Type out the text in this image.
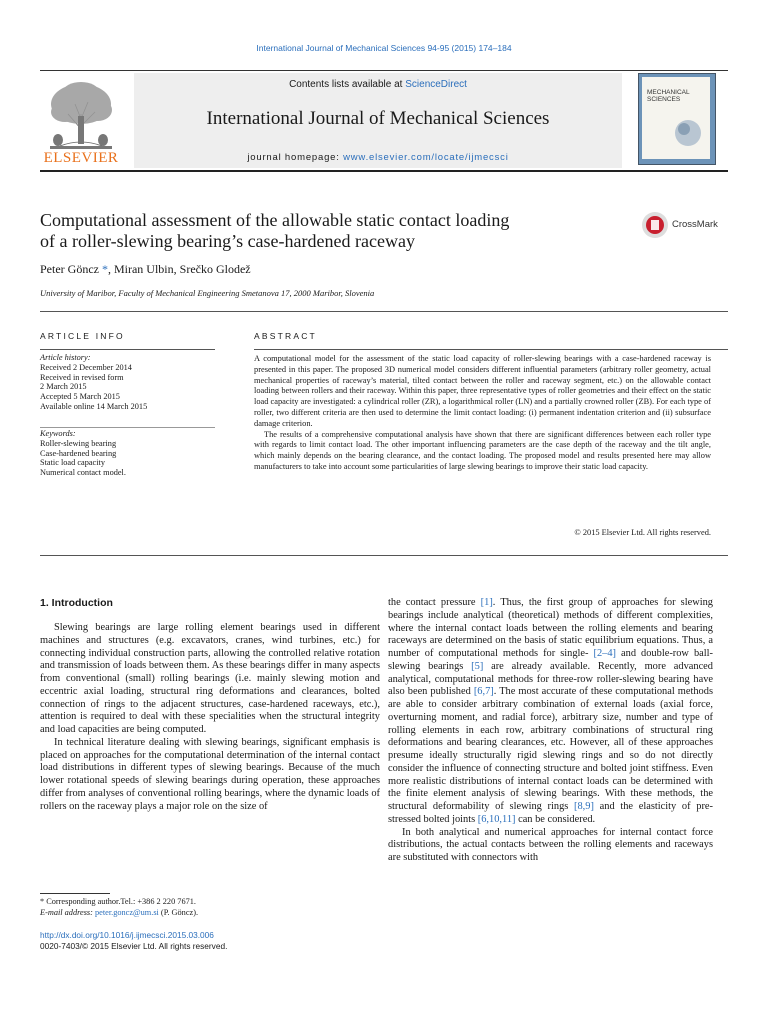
International Journal of Mechanical Sciences 94-95 (2015) 174–184
ELSEVIER
Contents lists available at ScienceDirect
International Journal of Mechanical Sciences
journal homepage: www.elsevier.com/locate/ijmecsci
MECHANICAL SCIENCES
Computational assessment of the allowable static contact loading
of a roller-slewing bearing’s case-hardened raceway
CrossMark
Peter Göncz *, Miran Ulbin, Srečko Glodež
University of Maribor, Faculty of Mechanical Engineering Smetanova 17, 2000 Maribor, Slovenia
ARTICLE INFO	ABSTRACT
Article history:
Received 2 December 2014
Received in revised form
2 March 2015
Accepted 5 March 2015
Available online 14 March 2015
Keywords:
Roller-slewing bearing
Case-hardened bearing
Static load capacity
Numerical contact model.

A computational model for the assessment of the static load capacity of roller-slewing bearings with a case-hardened raceway is presented in this paper. The proposed 3D numerical model considers different influential parameters (arbitrary roller geometry, actual mechanical properties of raceway’s material, tilted contact between the roller and raceway segment, etc.) on the allowable contact loading between rollers and their raceway. Within this paper, three representative types of roller geometries and their effect on the static load capacity are investigated: a cylindrical roller (ZR), a logarithmical roller (LN) and a partially crowned roller (ZB). For each type of roller, two different criteria are then used to determine the limit contact loading: (i) permanent indentation criterion and (ii) subsurface damage criterion.

The results of a comprehensive computational analysis have shown that there are significant differences between each roller type with regards to limit contact load. The other important influencing parameters are the case depth of the raceway and the tilt angle, which mainly depends on the bearing clearance, and the contact loading. The proposed model and results presented here may allow manufacturers to take into account some particularities of large slewing bearings to improve their static load capacity.

© 2015 Elsevier Ltd. All rights reserved.
1. Introduction

Slewing bearings are large rolling element bearings used in different machines and structures (e.g. excavators, cranes, wind turbines, etc.) for connecting individual construction parts, allowing the controlled relative rotation and transmission of loads between them. As these bearings differ in many aspects from conventional (small) rolling bearings (i.e. mainly slewing motion and eccentric axial loading, structural ring deformations and clearances, bolted connection of rings to the adjacent structures, case-hardened raceways, etc.), attention is required to deal with these specialities when the structural integrity and load capacities are being computed.

In technical literature dealing with slewing bearings, significant emphasis is placed on approaches for the computational determination of the internal contact load distributions in different types of slewing bearings. Because of the much lower rotational speeds of slewing bearings during operation, these approaches differ from analyses of conventional rolling bearings, where the dynamic loads of rollers on the raceway plays a major role on the size of

the contact pressure [1]. Thus, the first group of approaches for slewing bearings include analytical (theoretical) methods of different complexities, where the internal contact loads between the rolling elements and bearing raceways are determined on the basis of static equilibrium equations. Thus, a number of computational methods for single- [2–4] and double-row ball-slewing bearings [5] are already available. Recently, more advanced analytical, computational methods for three-row roller-slewing bearing have also been published [6,7]. The most accurate of these computational methods are able to consider arbitrary combination of external loads (axial force, overturning moment, and radial force), arbitrary size, number and type of rolling elements in each row, arbitrary combinations of structural ring deformations and bearing clearances, etc. However, all of these approaches presume ideally structurally rigid slewing rings and so do not directly consider the influence of connecting structure and bolted joint stiffness. Even more realistic distributions of internal contact loads can be determined with the finite element analysis of slewing bearings. With these methods, the structural deformability of slewing rings [8,9] and the elasticity of pre-stressed bolted joints [6,10,11] can be considered.

In both analytical and numerical approaches for internal contact force distributions, the actual contacts between the rolling elements and raceways are substituted with connectors with

* Corresponding author.Tel.: +386 2 220 7671.
E-mail address: peter.goncz@um.si (P. Göncz).
http://dx.doi.org/10.1016/j.ijmecsci.2015.03.006
0020-7403/© 2015 Elsevier Ltd. All rights reserved.
